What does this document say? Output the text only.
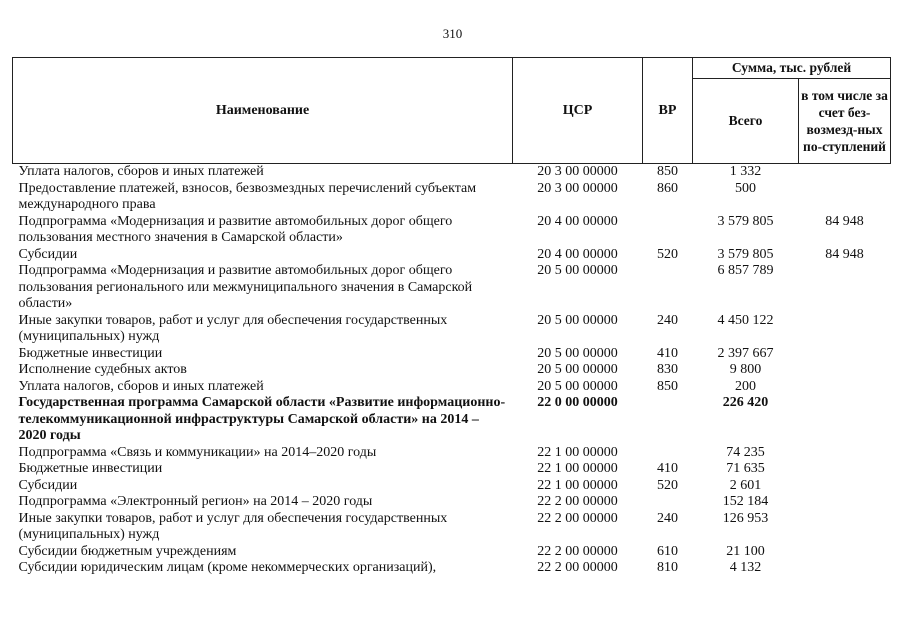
310
Наименование	ЦСР	ВР	Сумма, тыс. рублей	
			Всего	в том числе за счет без-возмезд-ных по-ступлений
Уплата налогов, сборов и иных платежей	20 3 00 00000	850	1 332	
Предоставление платежей, взносов, безвозмездных перечислений субъектам международного права	20 3 00 00000	860	500	
Подпрограмма «Модернизация и развитие автомобильных дорог общего пользования местного значения в Самарской области»	20 4 00 00000		3 579 805	84 948
Субсидии	20 4 00 00000	520	3 579 805	84 948
Подпрограмма «Модернизация и развитие автомобильных дорог общего пользования регионального или межмуниципального значения в Самарской области»	20 5 00 00000		6 857 789	
Иные закупки товаров, работ и услуг для обеспечения государственных (муниципальных) нужд	20 5 00 00000	240	4 450 122	
Бюджетные инвестиции	20 5 00 00000	410	2 397 667	
Исполнение судебных актов	20 5 00 00000	830	9 800	
Уплата налогов, сборов и иных платежей	20 5 00 00000	850	200	
Государственная программа Самарской области «Развитие информационно-телекоммуникационной инфраструктуры Самарской области» на 2014 – 2020 годы	22 0 00 00000		226 420	
Подпрограмма «Связь и коммуникации» на 2014–2020 годы	22 1 00 00000		74 235	
Бюджетные инвестиции	22 1 00 00000	410	71 635	
Субсидии	22 1 00 00000	520	2 601	
Подпрограмма «Электронный регион» на 2014 – 2020 годы	22 2 00 00000		152 184	
Иные закупки товаров, работ и услуг для обеспечения государственных (муниципальных) нужд	22 2 00 00000	240	126 953	
Субсидии бюджетным учреждениям	22 2 00 00000	610	21 100	
Субсидии юридическим лицам (кроме некоммерческих организаций),	22 2 00 00000	810	4 132	
